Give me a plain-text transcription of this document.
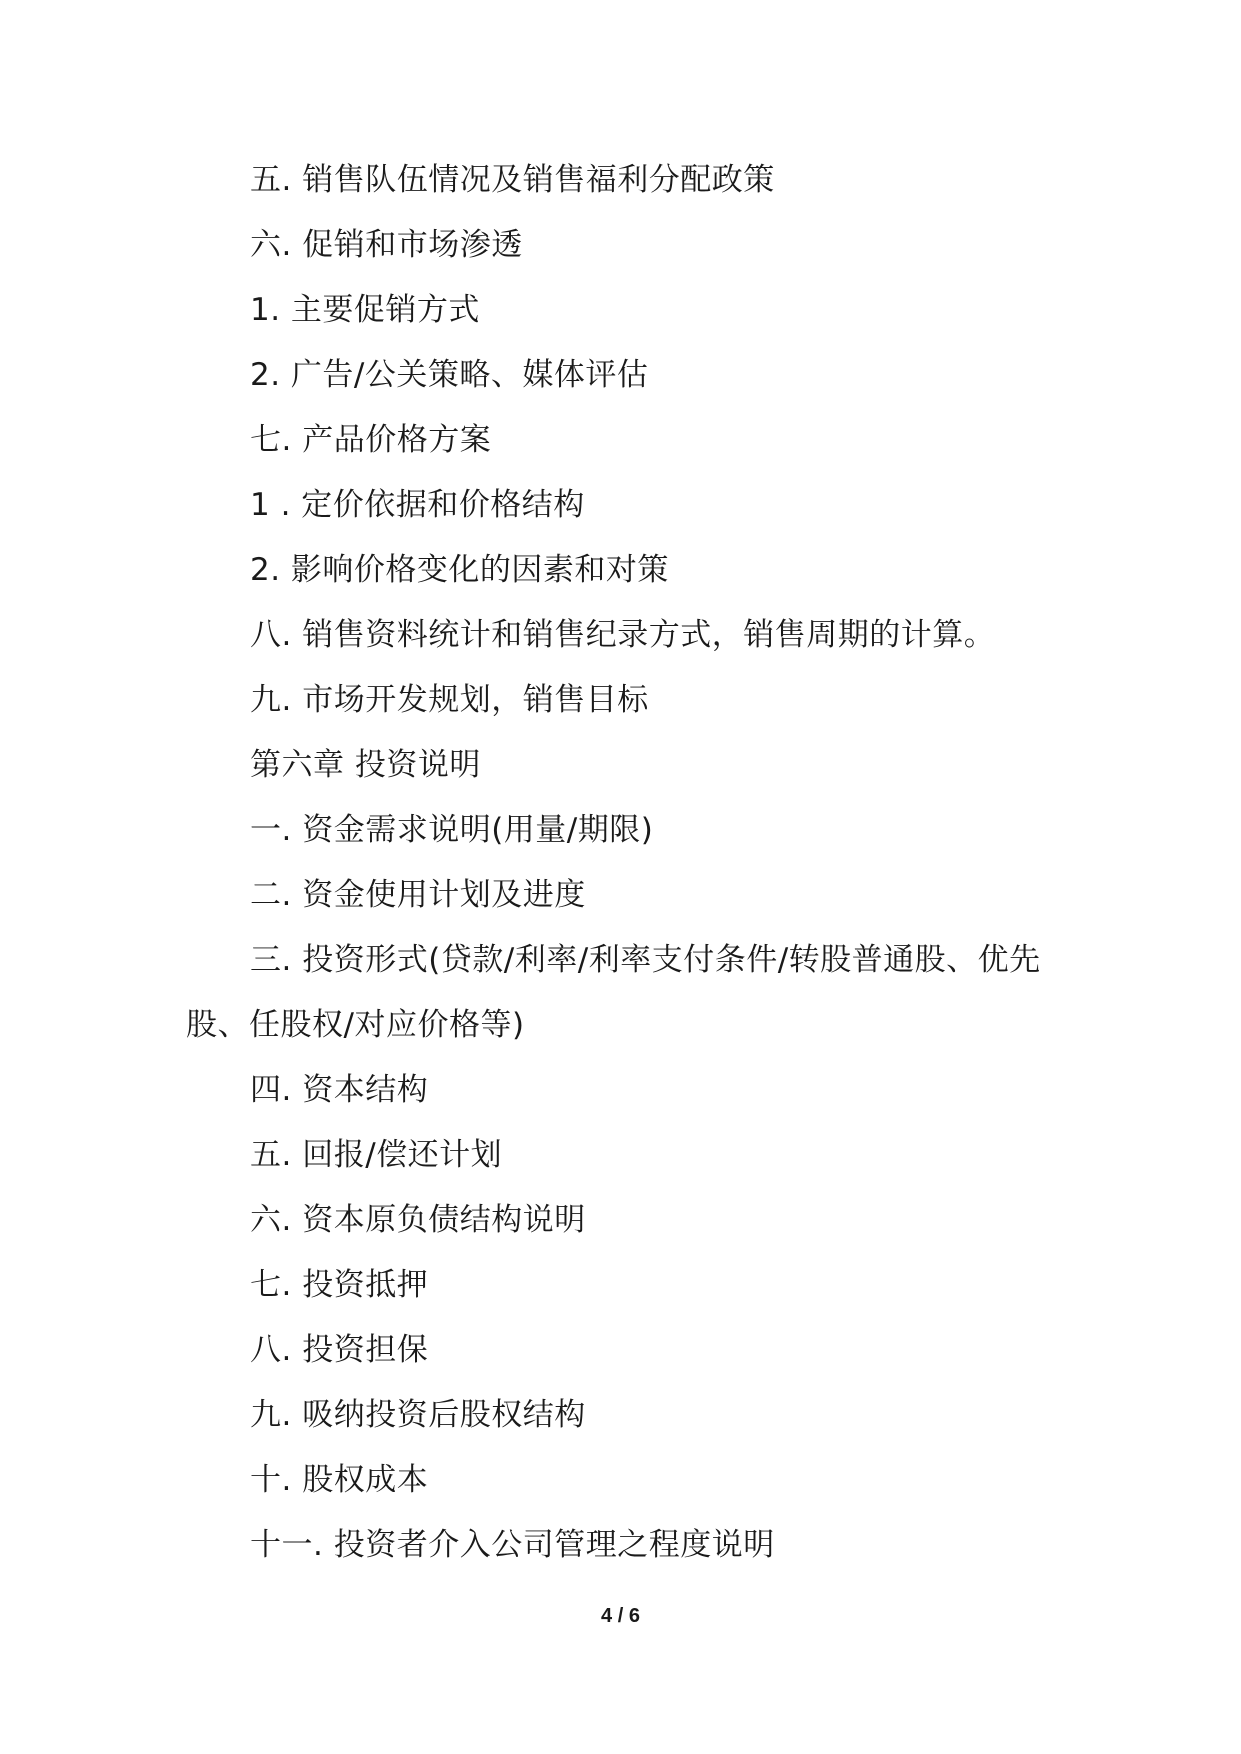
五. 销售队伍情况及销售福利分配政策
六. 促销和市场渗透
1. 主要促销方式
2. 广告/公关策略、媒体评估
七. 产品价格方案
1 . 定价依据和价格结构
2. 影响价格变化的因素和对策
八. 销售资料统计和销售纪录方式，销售周期的计算。
九. 市场开发规划，销售目标
第六章 投资说明
一. 资金需求说明(用量/期限)
二. 资金使用计划及进度
三. 投资形式(贷款/利率/利率支付条件/转股普通股、优先
股、任股权/对应价格等)
四. 资本结构
五. 回报/偿还计划
六. 资本原负债结构说明
七. 投资抵押
八. 投资担保
九. 吸纳投资后股权结构
十. 股权成本
十一. 投资者介入公司管理之程度说明
4 / 6
